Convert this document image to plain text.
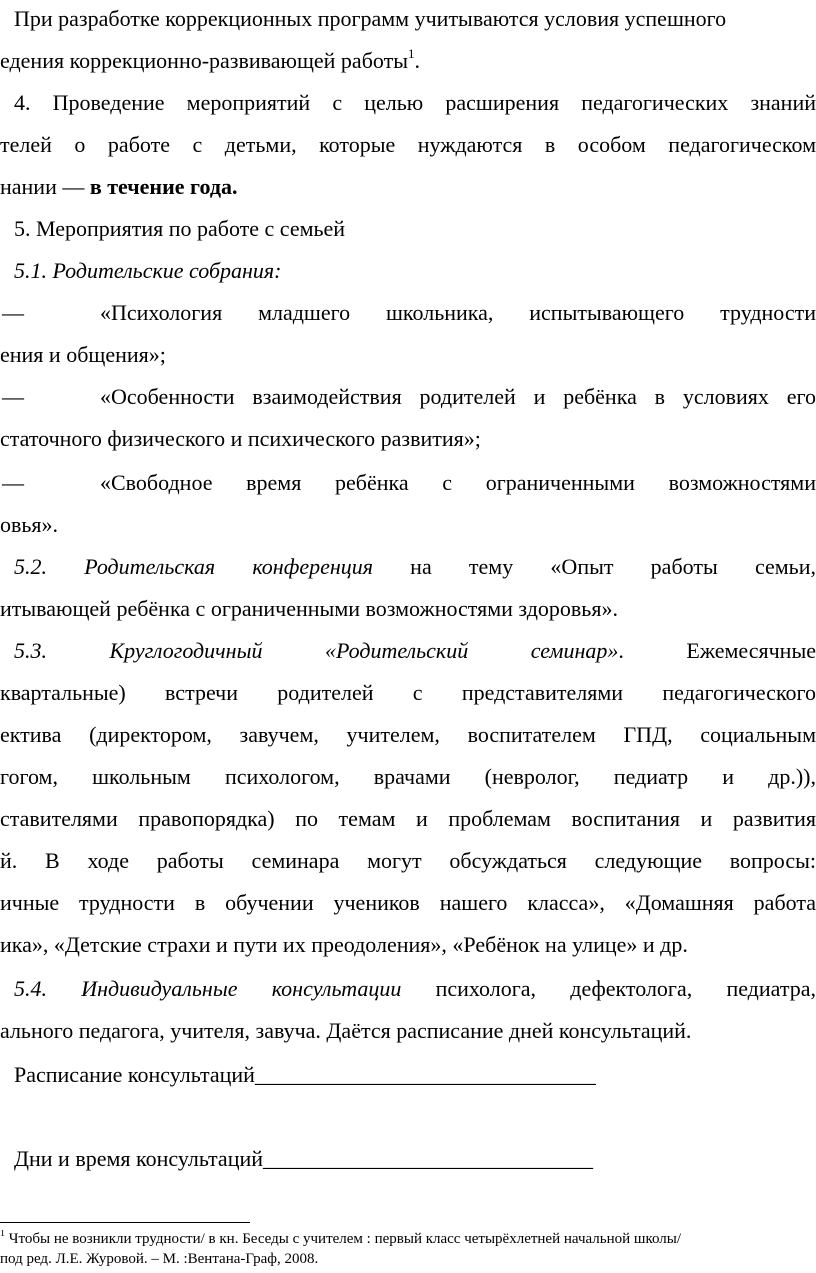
При разработке коррекционных программ учитываются условия успешного
едения коррекционно-развивающей работы$^1$.
4. Проведение мероприятий с целью расширения педагогических знаний
телей о работе с детьми, которые нуждаются в особом педагогическом
нании — в течение года.
5. Мероприятия по работе с семьей
5.1. Родительские собрания:
—	«Психология младшего школьника, испытывающего трудности
ения и общения»;
—	«Особенности взаимодействия родителей и ребёнка в условиях его
статочного физического и психического развития»;
—	«Свободное время ребёнка с ограниченными возможностями
овья».
5.2. Родительская конференция на тему «Опыт работы семьи,
итывающей ребёнка с ограниченными возможностями здоровья».
5.3. Круглогодичный «Родительский семинар». Ежемесячные
квартальные) встречи родителей с представителями педагогического
ектива (директором, завучем, учителем, воспитателем ГПД, социальным
гогом, школьным психологом, врачами (невролог, педиатр и др.)),
ставителями правопорядка) по темам и проблемам воспитания и развития
й. В ходе работы семинара могут обсуждаться следующие вопросы:
ичные трудности в обучении учеников нашего класса», «Домашняя работа
ика», «Детские страхи и пути их преодоления», «Ребёнок на улице» и др.
5.4. Индивидуальные консультации психолога, дефектолога, педиатра,
ального педагога, учителя, завуча. Даётся расписание дней консультаций.
Расписание консультаций_______________________________
Дни и время консультаций______________________________
$^1$ Чтобы не возникли трудности/ в кн. Беседы с учителем : первый класс четырёхлетней начальной школы/
под ред. Л.Е. Журовой. – М. :Вентана-Граф, 2008.
